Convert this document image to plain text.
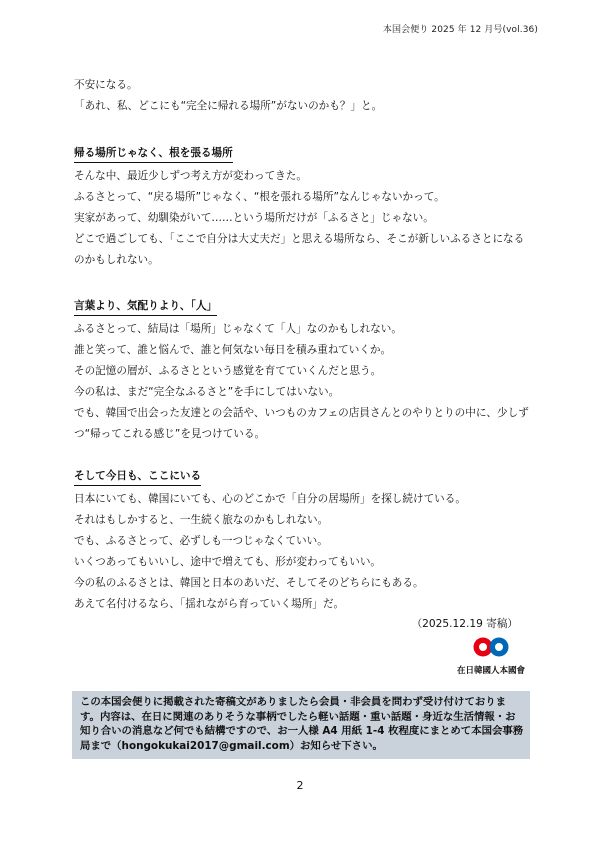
本国会便り 2025 年 12 月号(vol.36)
不安になる。
「あれ、私、どこにも“完全に帰れる場所”がないのかも？」と。
帰る場所じゃなく、根を張る場所
そんな中、最近少しずつ考え方が変わってきた。
ふるさとって、“戻る場所”じゃなく、“根を張れる場所”なんじゃないかって。
実家があって、幼馴染がいて……という場所だけが「ふるさと」じゃない。
どこで過ごしても、「ここで自分は大丈夫だ」と思える場所なら、そこが新しいふるさとになるのかもしれない。
言葉より、気配りより、「人」
ふるさとって、結局は「場所」じゃなくて「人」なのかもしれない。
誰と笑って、誰と悩んで、誰と何気ない毎日を積み重ねていくか。
その記憶の層が、ふるさとという感覚を育てていくんだと思う。
今の私は、まだ“完全なふるさと”を手にしてはいない。
でも、韓国で出会った友達との会話や、いつものカフェの店員さんとのやりとりの中に、少しずつ“帰ってこれる感じ”を見つけている。
そして今日も、ここにいる
日本にいても、韓国にいても、心のどこかで「自分の居場所」を探し続けている。
それはもしかすると、一生続く旅なのかもしれない。
でも、ふるさとって、必ずしも一つじゃなくていい。
いくつあってもいいし、途中で増えても、形が変わってもいい。
今の私のふるさとは、韓国と日本のあいだ、そしてそのどちらにもある。
あえて名付けるなら、「揺れながら育っていく場所」だ。
（2025.12.19 寄稿）
在日韓國人本國會
この本国会便りに掲載された寄稿文がありましたら会員・非会員を問わず受け付けております。内容は、在日に関連のありそうな事柄でしたら軽い話題・重い話題・身近な生活情報・お知り合いの消息など何でも結構ですので、お一人様 A4 用紙 1-4 枚程度にまとめて本国会事務局まで（hongokukai2017@gmail.com）お知らせ下さい。
2
